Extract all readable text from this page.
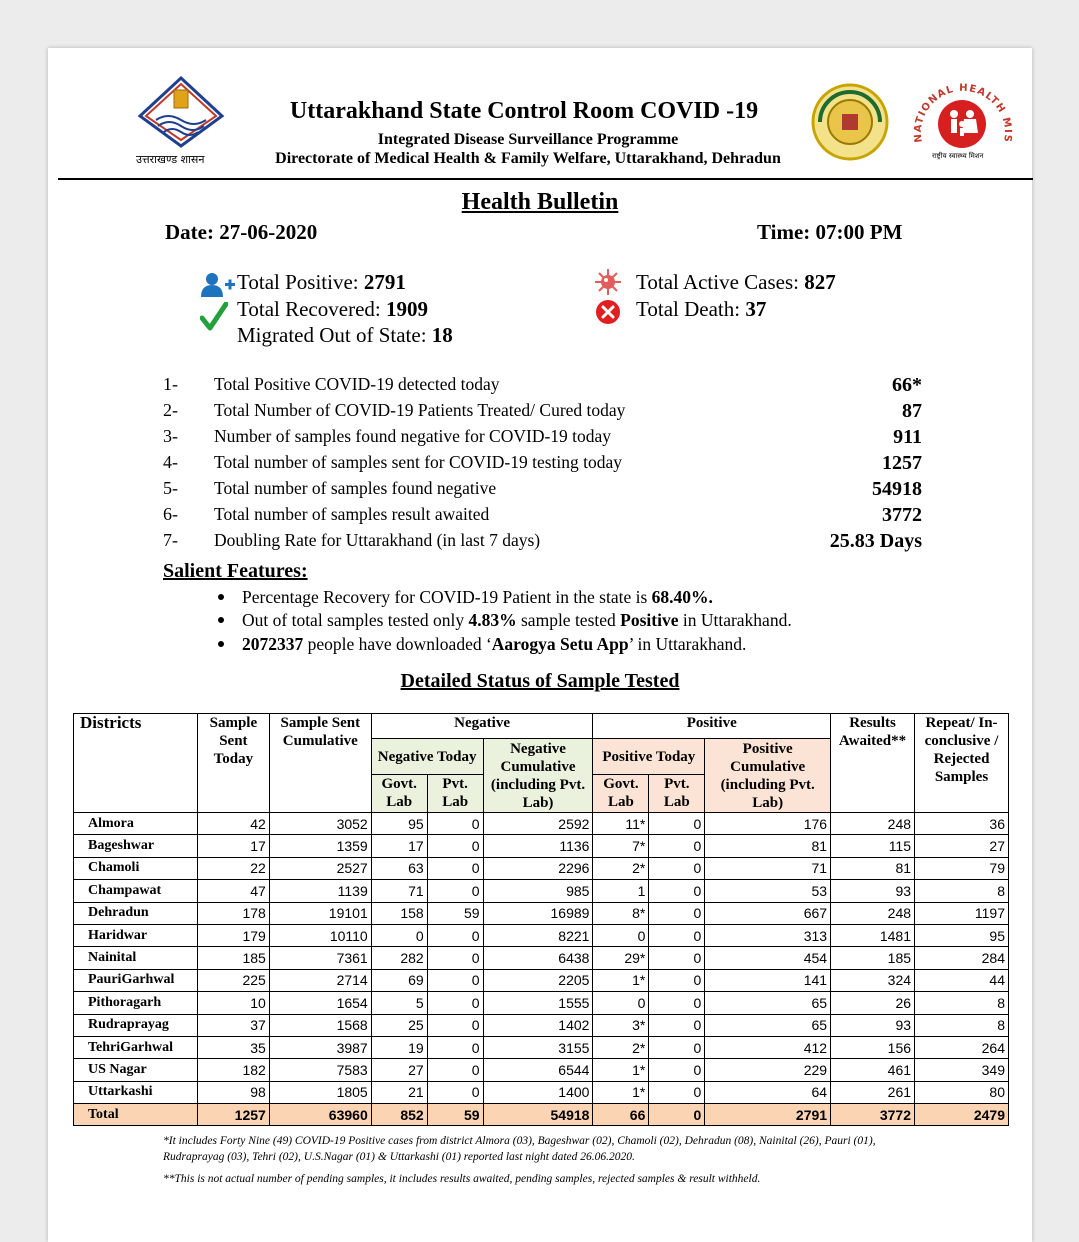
उत्तराखण्ड शासन
Uttarakhand State Control Room COVID -19
Integrated Disease Surveillance Programme
Directorate of Medical Health & Family Welfare, Uttarakhand, Dehradun
NATIONAL HEALTH MIS
राष्ट्रीय स्वास्थ्य मिशन
Health Bulletin
Date: 27-06-2020	Time: 07:00 PM
Total Positive: 2791
Total Recovered: 1909
Migrated Out of State: 18
Total Active Cases: 827
Total Death: 37
1- Total Positive COVID-19 detected today	66*
2- Total Number of COVID-19 Patients Treated/ Cured today	87
3- Number of samples found negative for COVID-19 today	911
4- Total number of samples sent for COVID-19 testing today	1257
5- Total number of samples found negative	54918
6- Total number of samples result awaited	3772
7- Doubling Rate for Uttarakhand (in last 7 days)	25.83 Days
Salient Features:
Percentage Recovery for COVID-19 Patient in the state is 68.40%.
Out of total samples tested only 4.83% sample tested Positive in Uttarakhand.
2072337 people have downloaded ‘Aarogya Setu App’ in Uttarakhand.
Detailed Status of Sample Tested
Districts	Sample Sent Today	Sample Sent Cumulative	Negative			Positive			Results Awaited**	Repeat/ In-conclusive / Rejected Samples
			Negative Today		Negative Cumulative (including Pvt. Lab)	Positive Today		Positive Cumulative (including Pvt. Lab)		
			Govt. Lab	Pvt. Lab		Govt. Lab	Pvt. Lab			
Almora	42	3052	95	0	2592	11*	0	176	248	36
Bageshwar	17	1359	17	0	1136	7*	0	81	115	27
Chamoli	22	2527	63	0	2296	2*	0	71	81	79
Champawat	47	1139	71	0	985	1	0	53	93	8
Dehradun	178	19101	158	59	16989	8*	0	667	248	1197
Haridwar	179	10110	0	0	8221	0	0	313	1481	95
Nainital	185	7361	282	0	6438	29*	0	454	185	284
PauriGarhwal	225	2714	69	0	2205	1*	0	141	324	44
Pithoragarh	10	1654	5	0	1555	0	0	65	26	8
Rudraprayag	37	1568	25	0	1402	3*	0	65	93	8
TehriGarhwal	35	3987	19	0	3155	2*	0	412	156	264
US Nagar	182	7583	27	0	6544	1*	0	229	461	349
Uttarkashi	98	1805	21	0	1400	1*	0	64	261	80
Total	1257	63960	852	59	54918	66	0	2791	3772	2479
*It includes Forty Nine (49) COVID-19 Positive cases from district Almora (03), Bageshwar (02), Chamoli (02), Dehradun (08), Nainital (26), Pauri (01),
Rudraprayag (03), Tehri (02), U.S.Nagar (01) & Uttarkashi (01) reported last night dated 26.06.2020.
**This is not actual number of pending samples, it includes results awaited, pending samples, rejected samples & result withheld.
